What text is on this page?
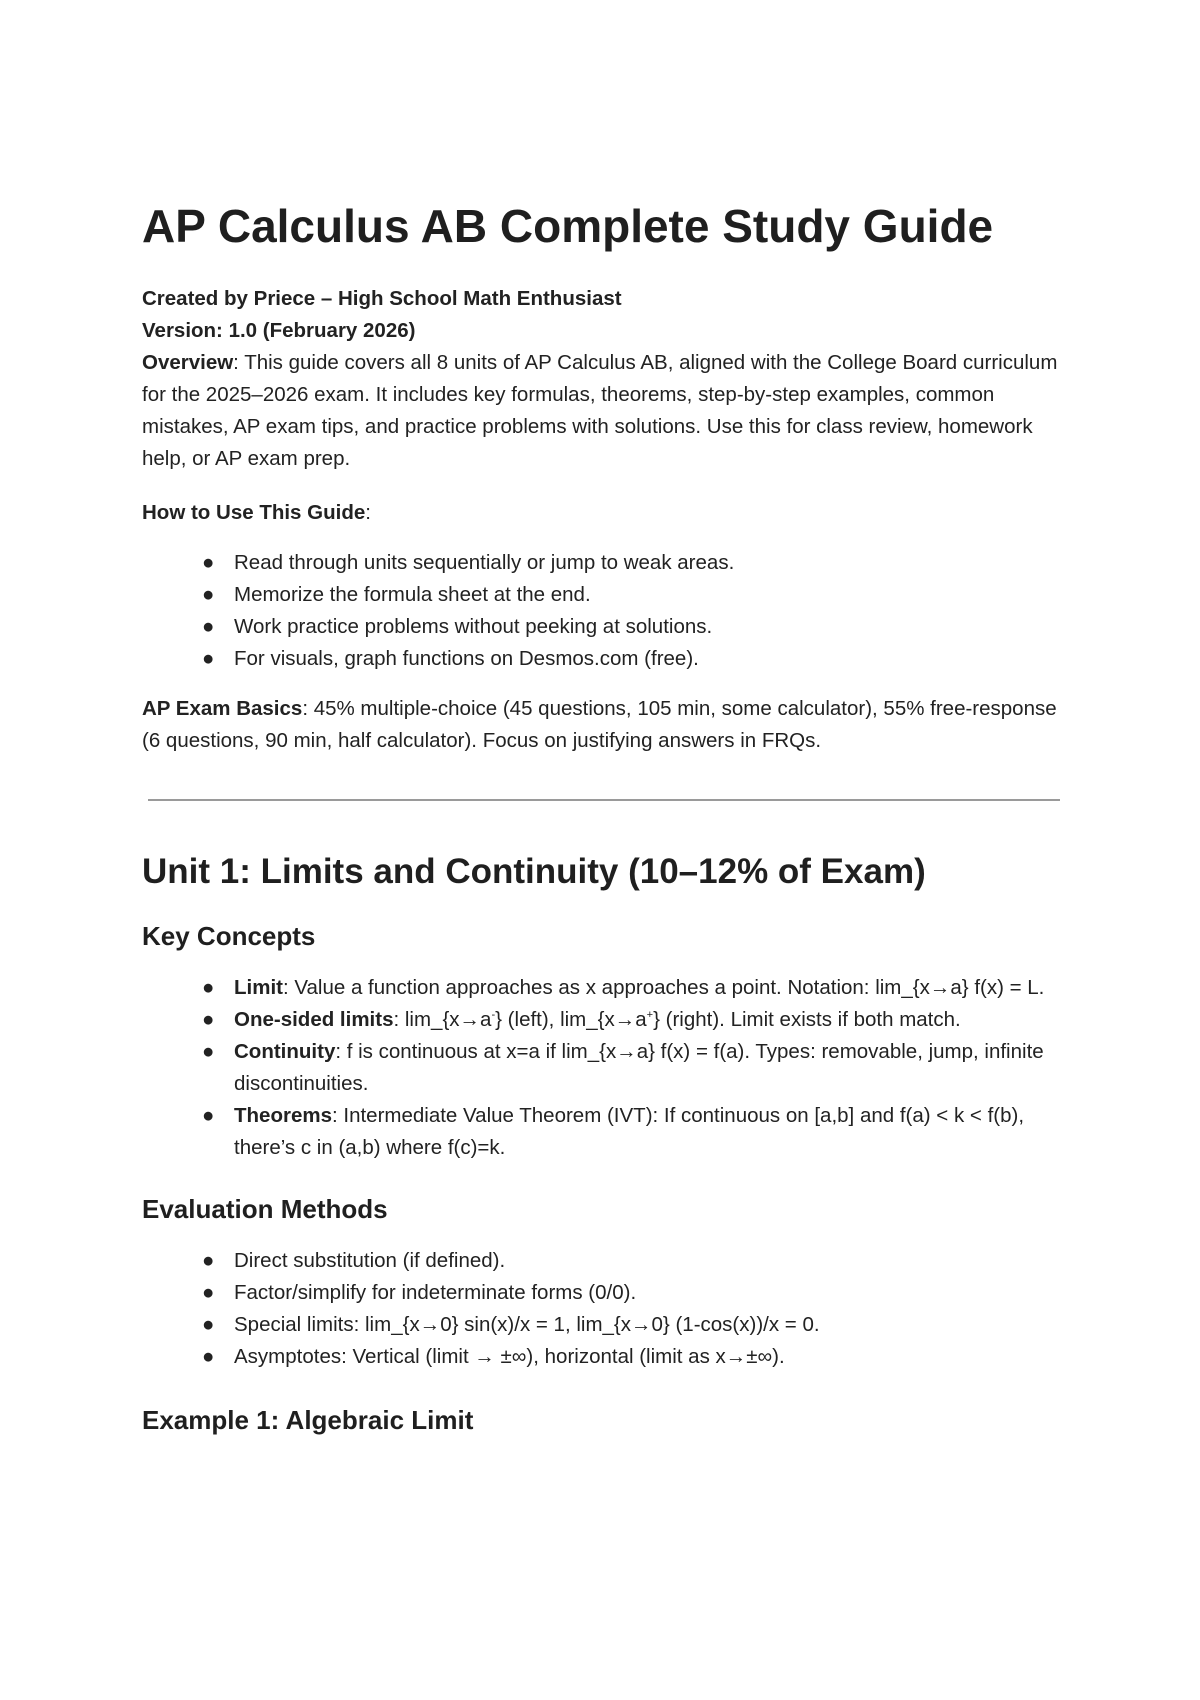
AP Calculus AB Complete Study Guide

Created by Priece – High School Math Enthusiast

Version: 1.0 (February 2026)

Overview: This guide covers all 8 units of AP Calculus AB, aligned with the College Board curriculum for the 2025–2026 exam. It includes key formulas, theorems, step-by-step examples, common mistakes, AP exam tips, and practice problems with solutions. Use this for class review, homework help, or AP exam prep.

How to Use This Guide:

● Read through units sequentially or jump to weak areas.
● Memorize the formula sheet at the end.
● Work practice problems without peeking at solutions.
● For visuals, graph functions on Desmos.com (free).

AP Exam Basics: 45% multiple-choice (45 questions, 105 min, some calculator), 55% free-response (6 questions, 90 min, half calculator). Focus on justifying answers in FRQs.

Unit 1: Limits and Continuity (10–12% of Exam)
Key Concepts
● Limit: Value a function approaches as x approaches a point. Notation: lim_{x→a} f(x) = L.
● One-sided limits: lim_{x→a-} (left), lim_{x→a+} (right). Limit exists if both match.
● Continuity: f is continuous at x=a if lim_{x→a} f(x) = f(a). Types: removable, jump, infinite discontinuities.
● Theorems: Intermediate Value Theorem (IVT): If continuous on [a,b] and f(a) < k < f(b), there’s c in (a,b) where f(c)=k.
Evaluation Methods
● Direct substitution (if defined).
● Factor/simplify for indeterminate forms (0/0).
● Special limits: lim_{x→0} sin(x)/x = 1, lim_{x→0} (1-cos(x))/x = 0.
● Asymptotes: Vertical (limit → ±∞), horizontal (limit as x→±∞).
Example 1: Algebraic Limit
